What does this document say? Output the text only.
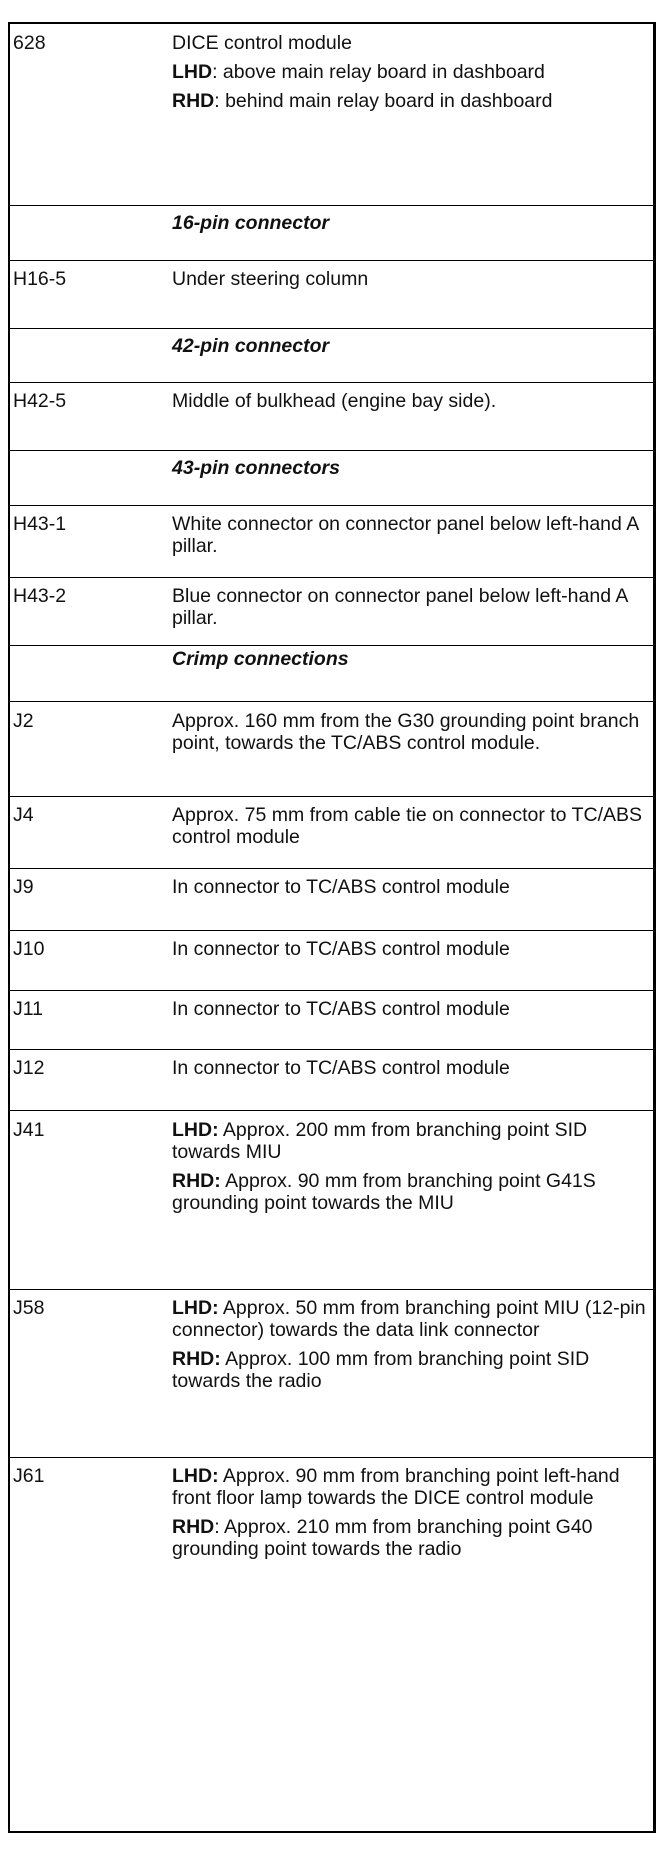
628	DICE control module
LHD: above main relay board in dashboard
RHD: behind main relay board in dashboard
16-pin connector
H16-5	Under steering column
42-pin connector
H42-5	Middle of bulkhead (engine bay side).
43-pin connectors
H43-1	White connector on connector panel below left-hand A pillar.
H43-2	Blue connector on connector panel below left-hand A pillar.
Crimp connections
J2	Approx. 160 mm from the G30 grounding point branch point, towards the TC/ABS control module.
J4	Approx. 75 mm from cable tie on connector to TC/ABS control module
J9	In connector to TC/ABS control module
J10	In connector to TC/ABS control module
J11	In connector to TC/ABS control module
J12	In connector to TC/ABS control module
J41	LHD: Approx. 200 mm from branching point SID towards MIU
RHD: Approx. 90 mm from branching point G41S grounding point towards the MIU
J58	LHD: Approx. 50 mm from branching point MIU (12-pin connector) towards the data link connector
RHD: Approx. 100 mm from branching point SID towards the radio
J61	LHD: Approx. 90 mm from branching point left-hand front floor lamp towards the DICE control module
RHD: Approx. 210 mm from branching point G40 grounding point towards the radio
